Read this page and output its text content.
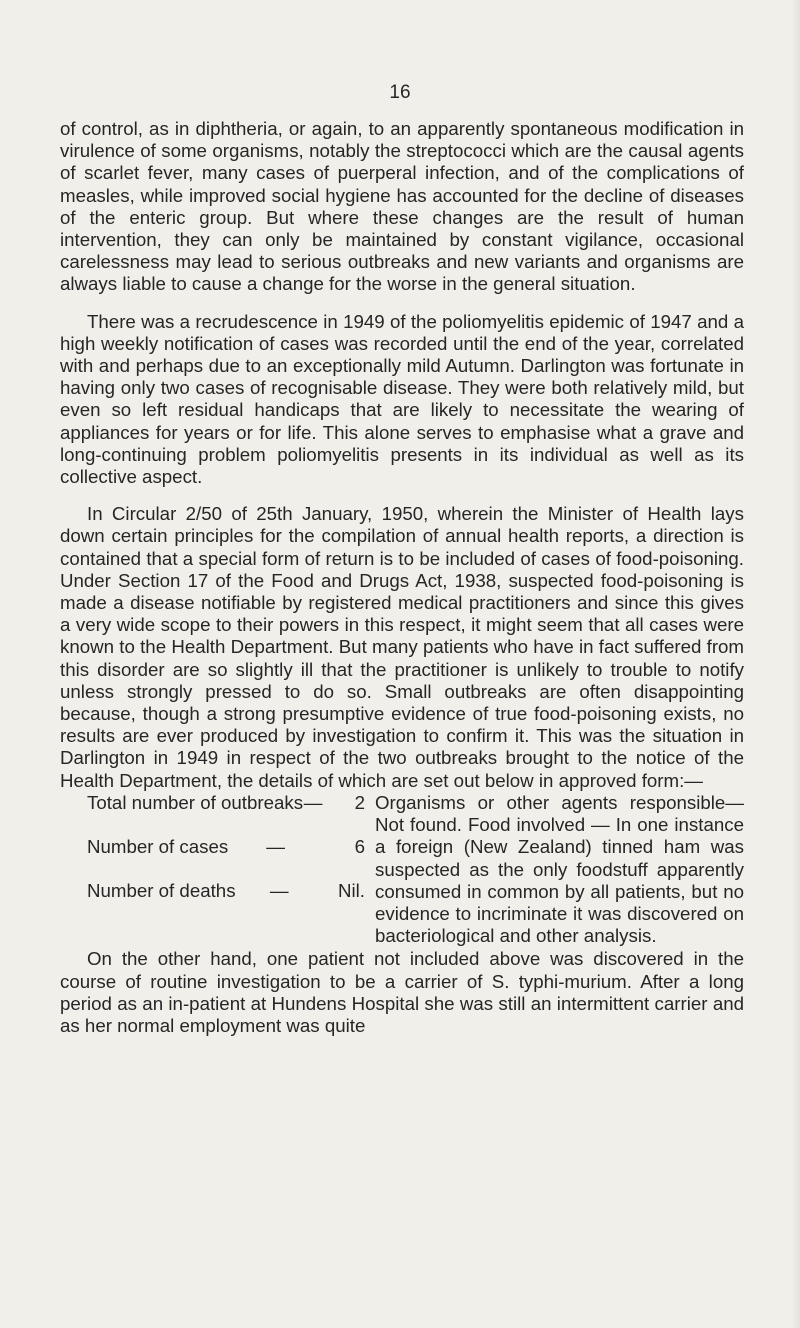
16

of control, as in diphtheria, or again, to an apparently spontaneous modification in virulence of some organisms, notably the streptococci which are the causal agents of scarlet fever, many cases of puerperal infection, and of the complications of measles, while improved social hygiene has accounted for the decline of diseases of the enteric group. But where these changes are the result of human intervention, they can only be maintained by constant vigilance, occasional carelessness may lead to serious outbreaks and new variants and organisms are always liable to cause a change for the worse in the general situation.

There was a recrudescence in 1949 of the poliomyelitis epidemic of 1947 and a high weekly notification of cases was recorded until the end of the year, correlated with and perhaps due to an exceptionally mild Autumn. Darlington was fortunate in having only two cases of recognisable disease. They were both relatively mild, but even so left residual handicaps that are likely to necessitate the wearing of appliances for years or for life. This alone serves to emphasise what a grave and long-continuing problem poliomyelitis presents in its individual as well as its collective aspect.

In Circular 2/50 of 25th January, 1950, wherein the Minister of Health lays down certain principles for the compilation of annual health reports, a direction is contained that a special form of return is to be included of cases of food-poisoning. Under Section 17 of the Food and Drugs Act, 1938, suspected food-poisoning is made a disease notifiable by registered medical practitioners and since this gives a very wide scope to their powers in this respect, it might seem that all cases were known to the Health Department. But many patients who have in fact suffered from this disorder are so slightly ill that the practitioner is unlikely to trouble to notify unless strongly pressed to do so. Small outbreaks are often disappointing because, though a strong presumptive evidence of true food-poisoning exists, no results are ever produced by investigation to confirm it. This was the situation in Darlington in 1949 in respect of the two outbreaks brought to the notice of the Health Department, the details of which are set out below in approved form:—

Total number of outbreaks —	2
Number of cases —	6
Number of deaths —	Nil.
Organisms or other agents responsible—Not found. Food involved — In one instance a foreign (New Zealand) tinned ham was suspected as the only foodstuff apparently consumed in common by all patients, but no evidence to incriminate it was discovered on bacteriological and other analysis.

On the other hand, one patient not included above was discovered in the course of routine investigation to be a carrier of S. typhi-murium. After a long period as an in-patient at Hundens Hospital she was still an intermittent carrier and as her normal employment was quite
